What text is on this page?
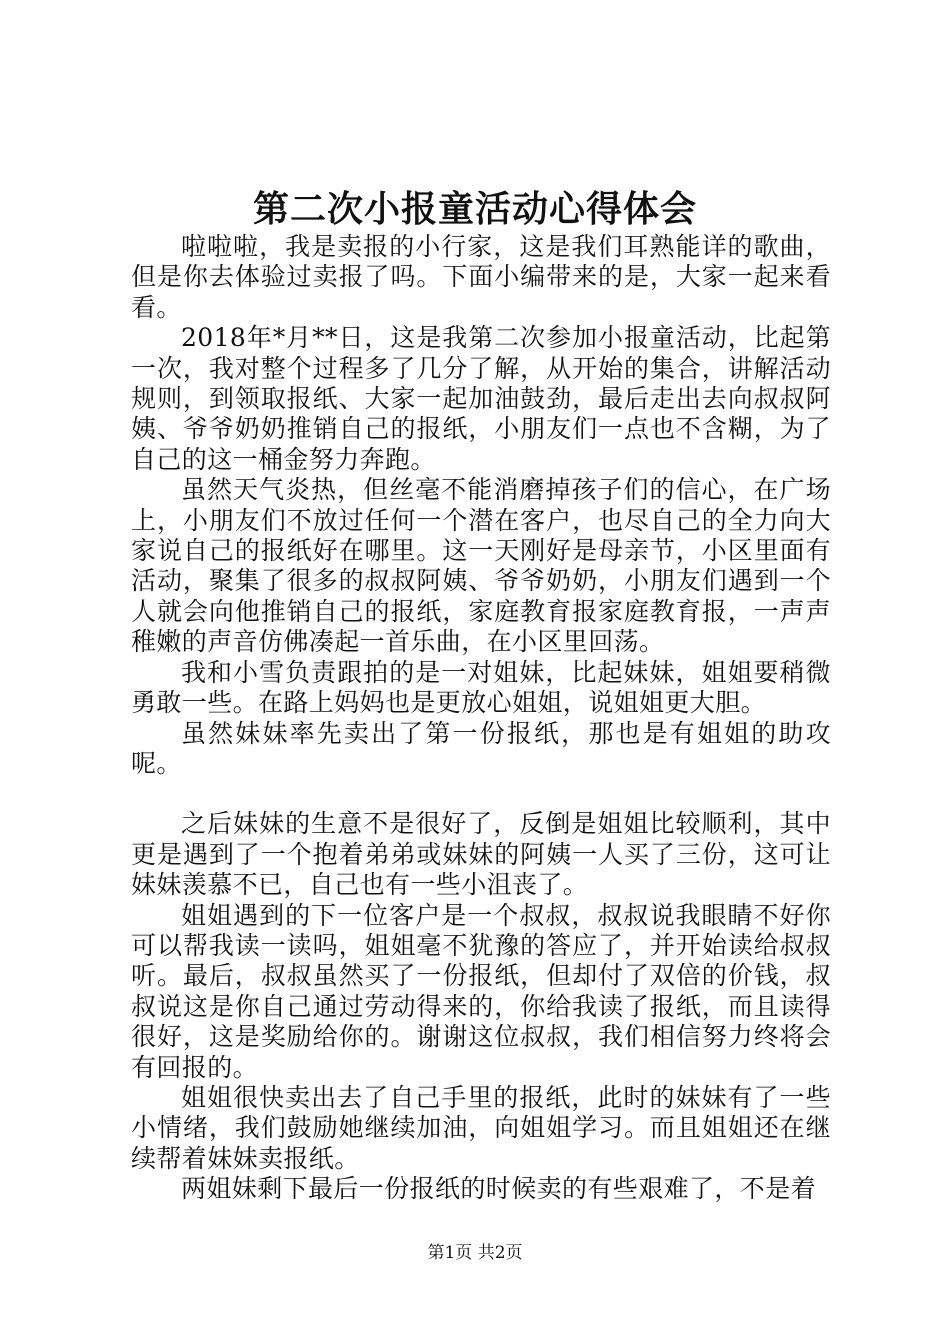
第二次小报童活动心得体会

啦啦啦，我是卖报的小行家，这是我们耳熟能详的歌曲，但是你去体验过卖报了吗。下面小编带来的是，大家一起来看看。

2018年*月**日，这是我第二次参加小报童活动，比起第一次，我对整个过程多了几分了解，从开始的集合，讲解活动规则，到领取报纸、大家一起加油鼓劲，最后走出去向叔叔阿姨、爷爷奶奶推销自己的报纸，小朋友们一点也不含糊，为了自己的这一桶金努力奔跑。

虽然天气炎热，但丝毫不能消磨掉孩子们的信心，在广场上，小朋友们不放过任何一个潜在客户，也尽自己的全力向大家说自己的报纸好在哪里。这一天刚好是母亲节，小区里面有活动，聚集了很多的叔叔阿姨、爷爷奶奶，小朋友们遇到一个人就会向他推销自己的报纸，家庭教育报家庭教育报，一声声稚嫩的声音仿佛凑起一首乐曲，在小区里回荡。

我和小雪负责跟拍的是一对姐妹，比起妹妹，姐姐要稍微勇敢一些。在路上妈妈也是更放心姐姐，说姐姐更大胆。

虽然妹妹率先卖出了第一份报纸，那也是有姐姐的助攻呢。

之后妹妹的生意不是很好了，反倒是姐姐比较顺利，其中更是遇到了一个抱着弟弟或妹妹的阿姨一人买了三份，这可让妹妹羡慕不已，自己也有一些小沮丧了。

姐姐遇到的下一位客户是一个叔叔，叔叔说我眼睛不好你可以帮我读一读吗，姐姐毫不犹豫的答应了，并开始读给叔叔听。最后，叔叔虽然买了一份报纸，但却付了双倍的价钱，叔叔说这是你自己通过劳动得来的，你给我读了报纸，而且读得很好，这是奖励给你的。谢谢这位叔叔，我们相信努力终将会有回报的。

姐姐很快卖出去了自己手里的报纸，此时的妹妹有了一些小情绪，我们鼓励她继续加油，向姐姐学习。而且姐姐还在继续帮着妹妹卖报纸。

两姐妹剩下最后一份报纸的时候卖的有些艰难了，不是着

第1页 共2页
